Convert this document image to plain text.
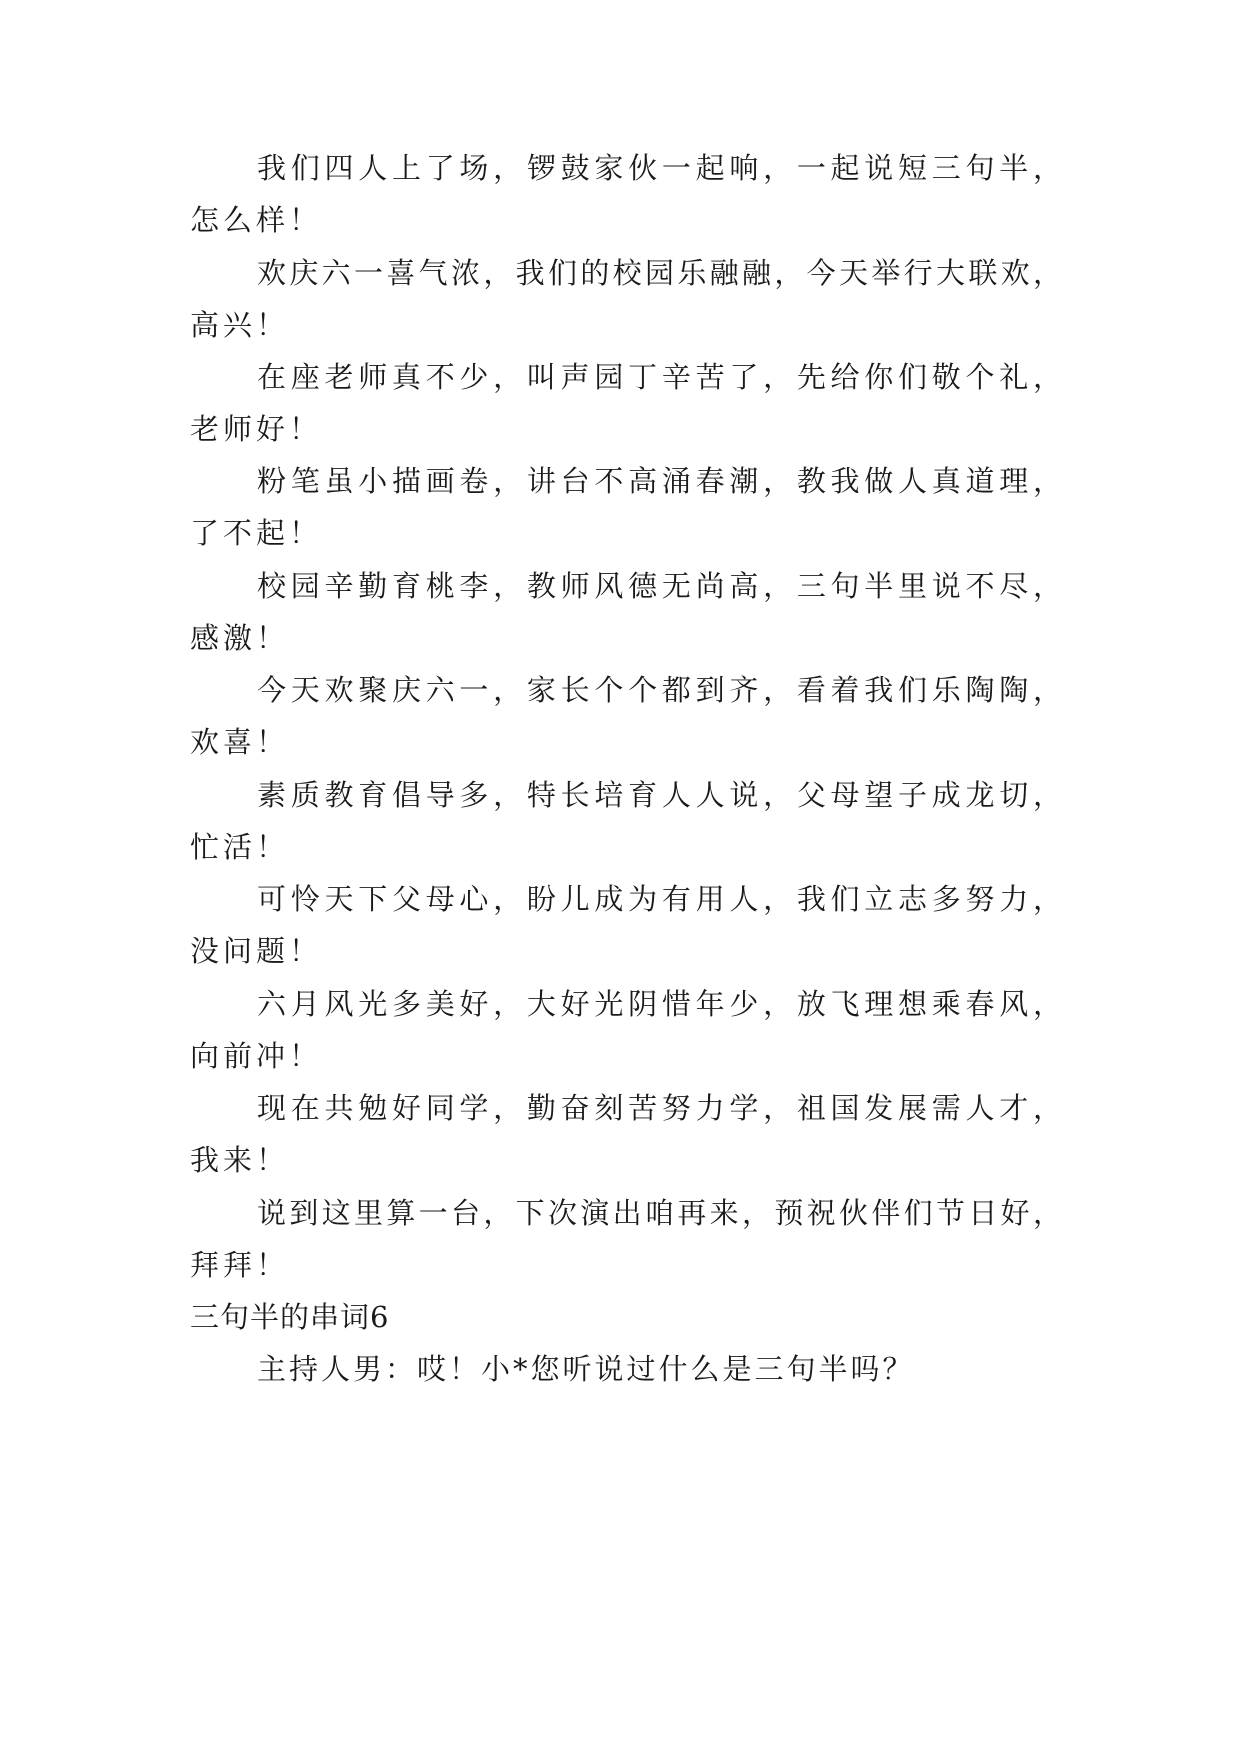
我们四人上了场，锣鼓家伙一起响，一起说短三句半，
怎么样！
欢庆六一喜气浓，我们的校园乐融融，今天举行大联欢，
高兴！
在座老师真不少，叫声园丁辛苦了，先给你们敬个礼，
老师好！
粉笔虽小描画卷，讲台不高涌春潮，教我做人真道理，
了不起！
校园辛勤育桃李，教师风德无尚高，三句半里说不尽，
感激！
今天欢聚庆六一，家长个个都到齐，看着我们乐陶陶，
欢喜！
素质教育倡导多，特长培育人人说，父母望子成龙切，
忙活！
可怜天下父母心，盼儿成为有用人，我们立志多努力，
没问题！
六月风光多美好，大好光阴惜年少，放飞理想乘春风，
向前冲！
现在共勉好同学，勤奋刻苦努力学，祖国发展需人才，
我来！
说到这里算一台，下次演出咱再来，预祝伙伴们节日好，
拜拜！
三句半的串词6
主持人男：哎！小*您听说过什么是三句半吗？
